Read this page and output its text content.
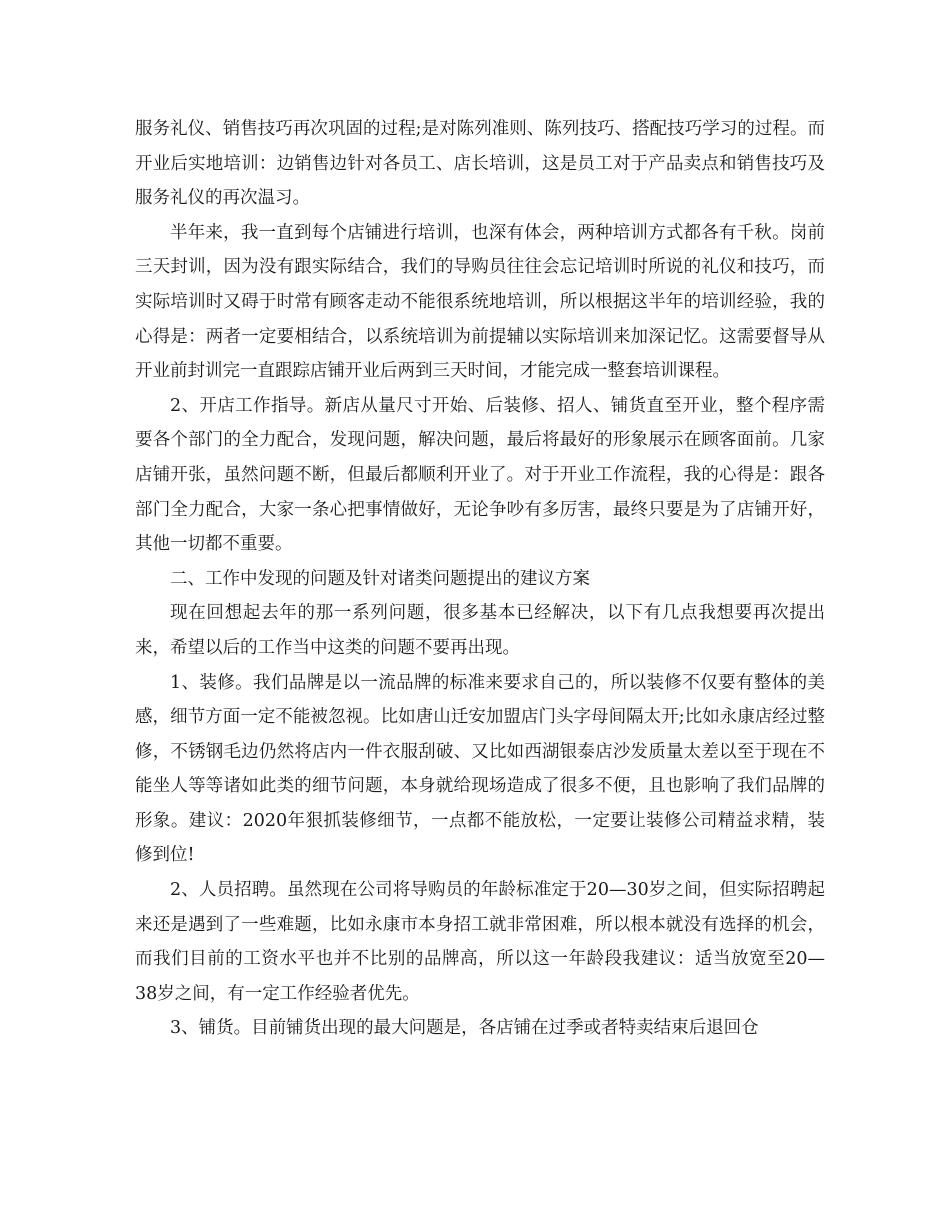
服务礼仪、销售技巧再次巩固的过程;是对陈列准则、陈列技巧、搭配技巧学习的过程。而开业后实地培训：边销售边针对各员工、店长培训，这是员工对于产品卖点和销售技巧及服务礼仪的再次温习。

半年来，我一直到每个店铺进行培训，也深有体会，两种培训方式都各有千秋。岗前三天封训，因为没有跟实际结合，我们的导购员往往会忘记培训时所说的礼仪和技巧，而实际培训时又碍于时常有顾客走动不能很系统地培训，所以根据这半年的培训经验，我的心得是：两者一定要相结合，以系统培训为前提辅以实际培训来加深记忆。这需要督导从开业前封训完一直跟踪店铺开业后两到三天时间，才能完成一整套培训课程。

2、开店工作指导。新店从量尺寸开始、后装修、招人、铺货直至开业，整个程序需要各个部门的全力配合，发现问题，解决问题，最后将最好的形象展示在顾客面前。几家店铺开张，虽然问题不断，但最后都顺利开业了。对于开业工作流程，我的心得是：跟各部门全力配合，大家一条心把事情做好，无论争吵有多厉害，最终只要是为了店铺开好，其他一切都不重要。

二、工作中发现的问题及针对诸类问题提出的建议方案

现在回想起去年的那一系列问题，很多基本已经解决，以下有几点我想要再次提出来，希望以后的工作当中这类的问题不要再出现。

1、装修。我们品牌是以一流品牌的标准来要求自己的，所以装修不仅要有整体的美感，细节方面一定不能被忽视。比如唐山迁安加盟店门头字母间隔太开;比如永康店经过整修，不锈钢毛边仍然将店内一件衣服刮破、又比如西湖银泰店沙发质量太差以至于现在不能坐人等等诸如此类的细节问题，本身就给现场造成了很多不便，且也影响了我们品牌的形象。建议：2020年狠抓装修细节，一点都不能放松，一定要让装修公司精益求精，装修到位!

2、人员招聘。虽然现在公司将导购员的年龄标准定于20—30岁之间，但实际招聘起来还是遇到了一些难题，比如永康市本身招工就非常困难，所以根本就没有选择的机会，而我们目前的工资水平也并不比别的品牌高，所以这一年龄段我建议：适当放宽至20—38岁之间，有一定工作经验者优先。

3、铺货。目前铺货出现的最大问题是，各店铺在过季或者特卖结束后退回仓
